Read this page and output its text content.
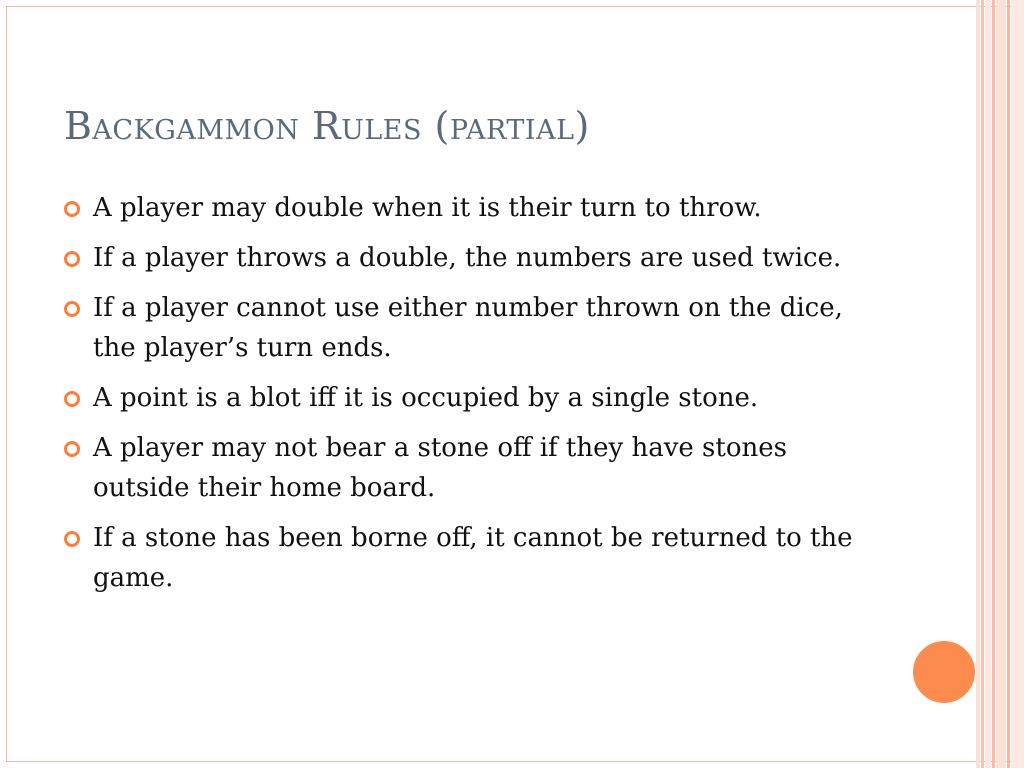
Backgammon Rules (partial)
A player may double when it is their turn to throw.
If a player throws a double, the numbers are used twice.
If a player cannot use either number thrown on the dice, the player’s turn ends.
A point is a blot iff it is occupied by a single stone.
A player may not bear a stone off if they have stones outside their home board.
If a stone has been borne off, it cannot be returned to the game.
